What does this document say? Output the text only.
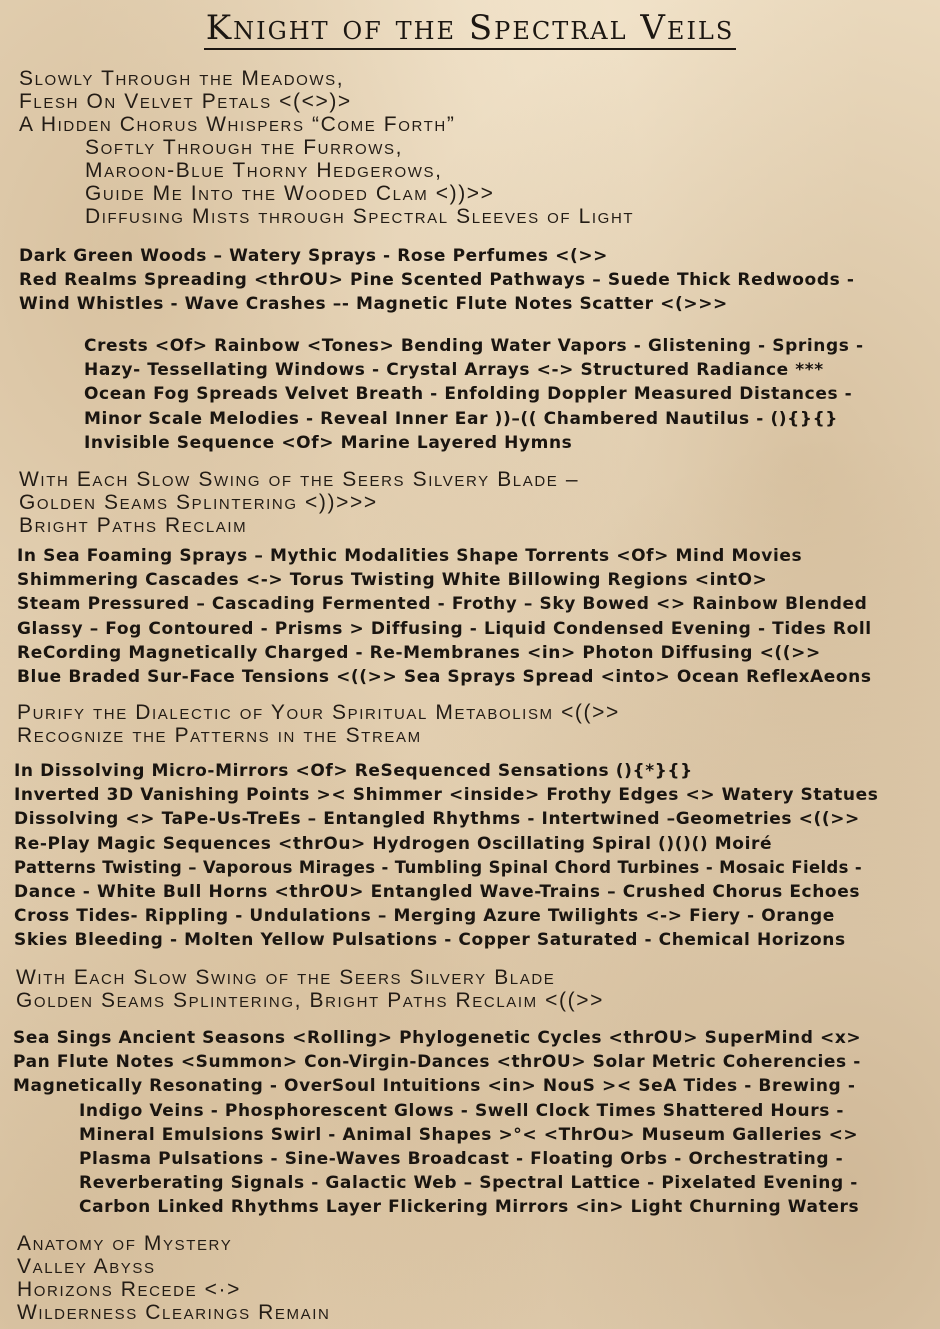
Knight of the Spectral Veils
Slowly Through the Meadows,
Flesh On Velvet Petals <(<>)>
A Hidden Chorus Whispers “Come Forth”
Softly Through the Furrows,
Maroon-Blue Thorny Hedgerows,
Guide Me Into the Wooded Clam <))>>
Diffusing Mists through Spectral Sleeves of Light
Dark Green Woods – Watery Sprays - Rose Perfumes <(>>
Red Realms Spreading <thrOU> Pine Scented Pathways – Suede Thick Redwoods -
Wind Whistles - Wave Crashes –- Magnetic Flute Notes Scatter <(>>>
Crests <Of> Rainbow <Tones> Bending Water Vapors - Glistening - Springs -
Hazy- Tessellating Windows - Crystal Arrays <-> Structured Radiance ***
Ocean Fog Spreads Velvet Breath - Enfolding Doppler Measured Distances -
Minor Scale Melodies - Reveal Inner Ear ))–(( Chambered Nautilus - (){}{}
Invisible Sequence <Of> Marine Layered Hymns
With Each Slow Swing of the Seers Silvery Blade –
Golden Seams Splintering <))>>>
Bright Paths Reclaim
In Sea Foaming Sprays – Mythic Modalities Shape Torrents <Of> Mind Movies
Shimmering Cascades <-> Torus Twisting White Billowing Regions <intO>
Steam Pressured – Cascading Fermented - Frothy – Sky Bowed <> Rainbow Blended
Glassy – Fog Contoured - Prisms > Diffusing - Liquid Condensed Evening - Tides Roll
ReCording Magnetically Charged - Re-Membranes <in> Photon Diffusing <((>>
Blue Braded Sur-Face Tensions <((>> Sea Sprays Spread <into> Ocean ReflexAeons
Purify the Dialectic of Your Spiritual Metabolism <((>>
Recognize the Patterns in the Stream
In Dissolving Micro-Mirrors <Of> ReSequenced Sensations (){*}{}
Inverted 3D Vanishing Points >< Shimmer <inside> Frothy Edges <> Watery Statues
Dissolving <> TaPe-Us-TreEs – Entangled Rhythms - Intertwined –Geometries <((>>
Re-Play Magic Sequences <thrOu> Hydrogen Oscillating Spiral ()()() Moiré
Patterns Twisting – Vaporous Mirages - Tumbling Spinal Chord Turbines - Mosaic Fields -
Dance - White Bull Horns <thrOU> Entangled Wave-Trains – Crushed Chorus Echoes
Cross Tides- Rippling - Undulations – Merging Azure Twilights <-> Fiery - Orange
Skies Bleeding - Molten Yellow Pulsations - Copper Saturated - Chemical Horizons
With Each Slow Swing of the Seers Silvery Blade
Golden Seams Splintering, Bright Paths Reclaim <((>>
Sea Sings Ancient Seasons <Rolling> Phylogenetic Cycles <thrOU> SuperMind <x>
Pan Flute Notes <Summon> Con-Virgin-Dances <thrOU> Solar Metric Coherencies -
Magnetically Resonating - OverSoul Intuitions <in> NouS >< SeA Tides - Brewing -
Indigo Veins - Phosphorescent Glows - Swell Clock Times Shattered Hours -
Mineral Emulsions Swirl - Animal Shapes >°< <ThrOu> Museum Galleries <>
Plasma Pulsations - Sine-Waves Broadcast - Floating Orbs - Orchestrating -
Reverberating Signals - Galactic Web – Spectral Lattice - Pixelated Evening -
Carbon Linked Rhythms Layer Flickering Mirrors <in> Light Churning Waters
Anatomy of Mystery
Valley Abyss
Horizons Recede <·>
Wilderness Clearings Remain
